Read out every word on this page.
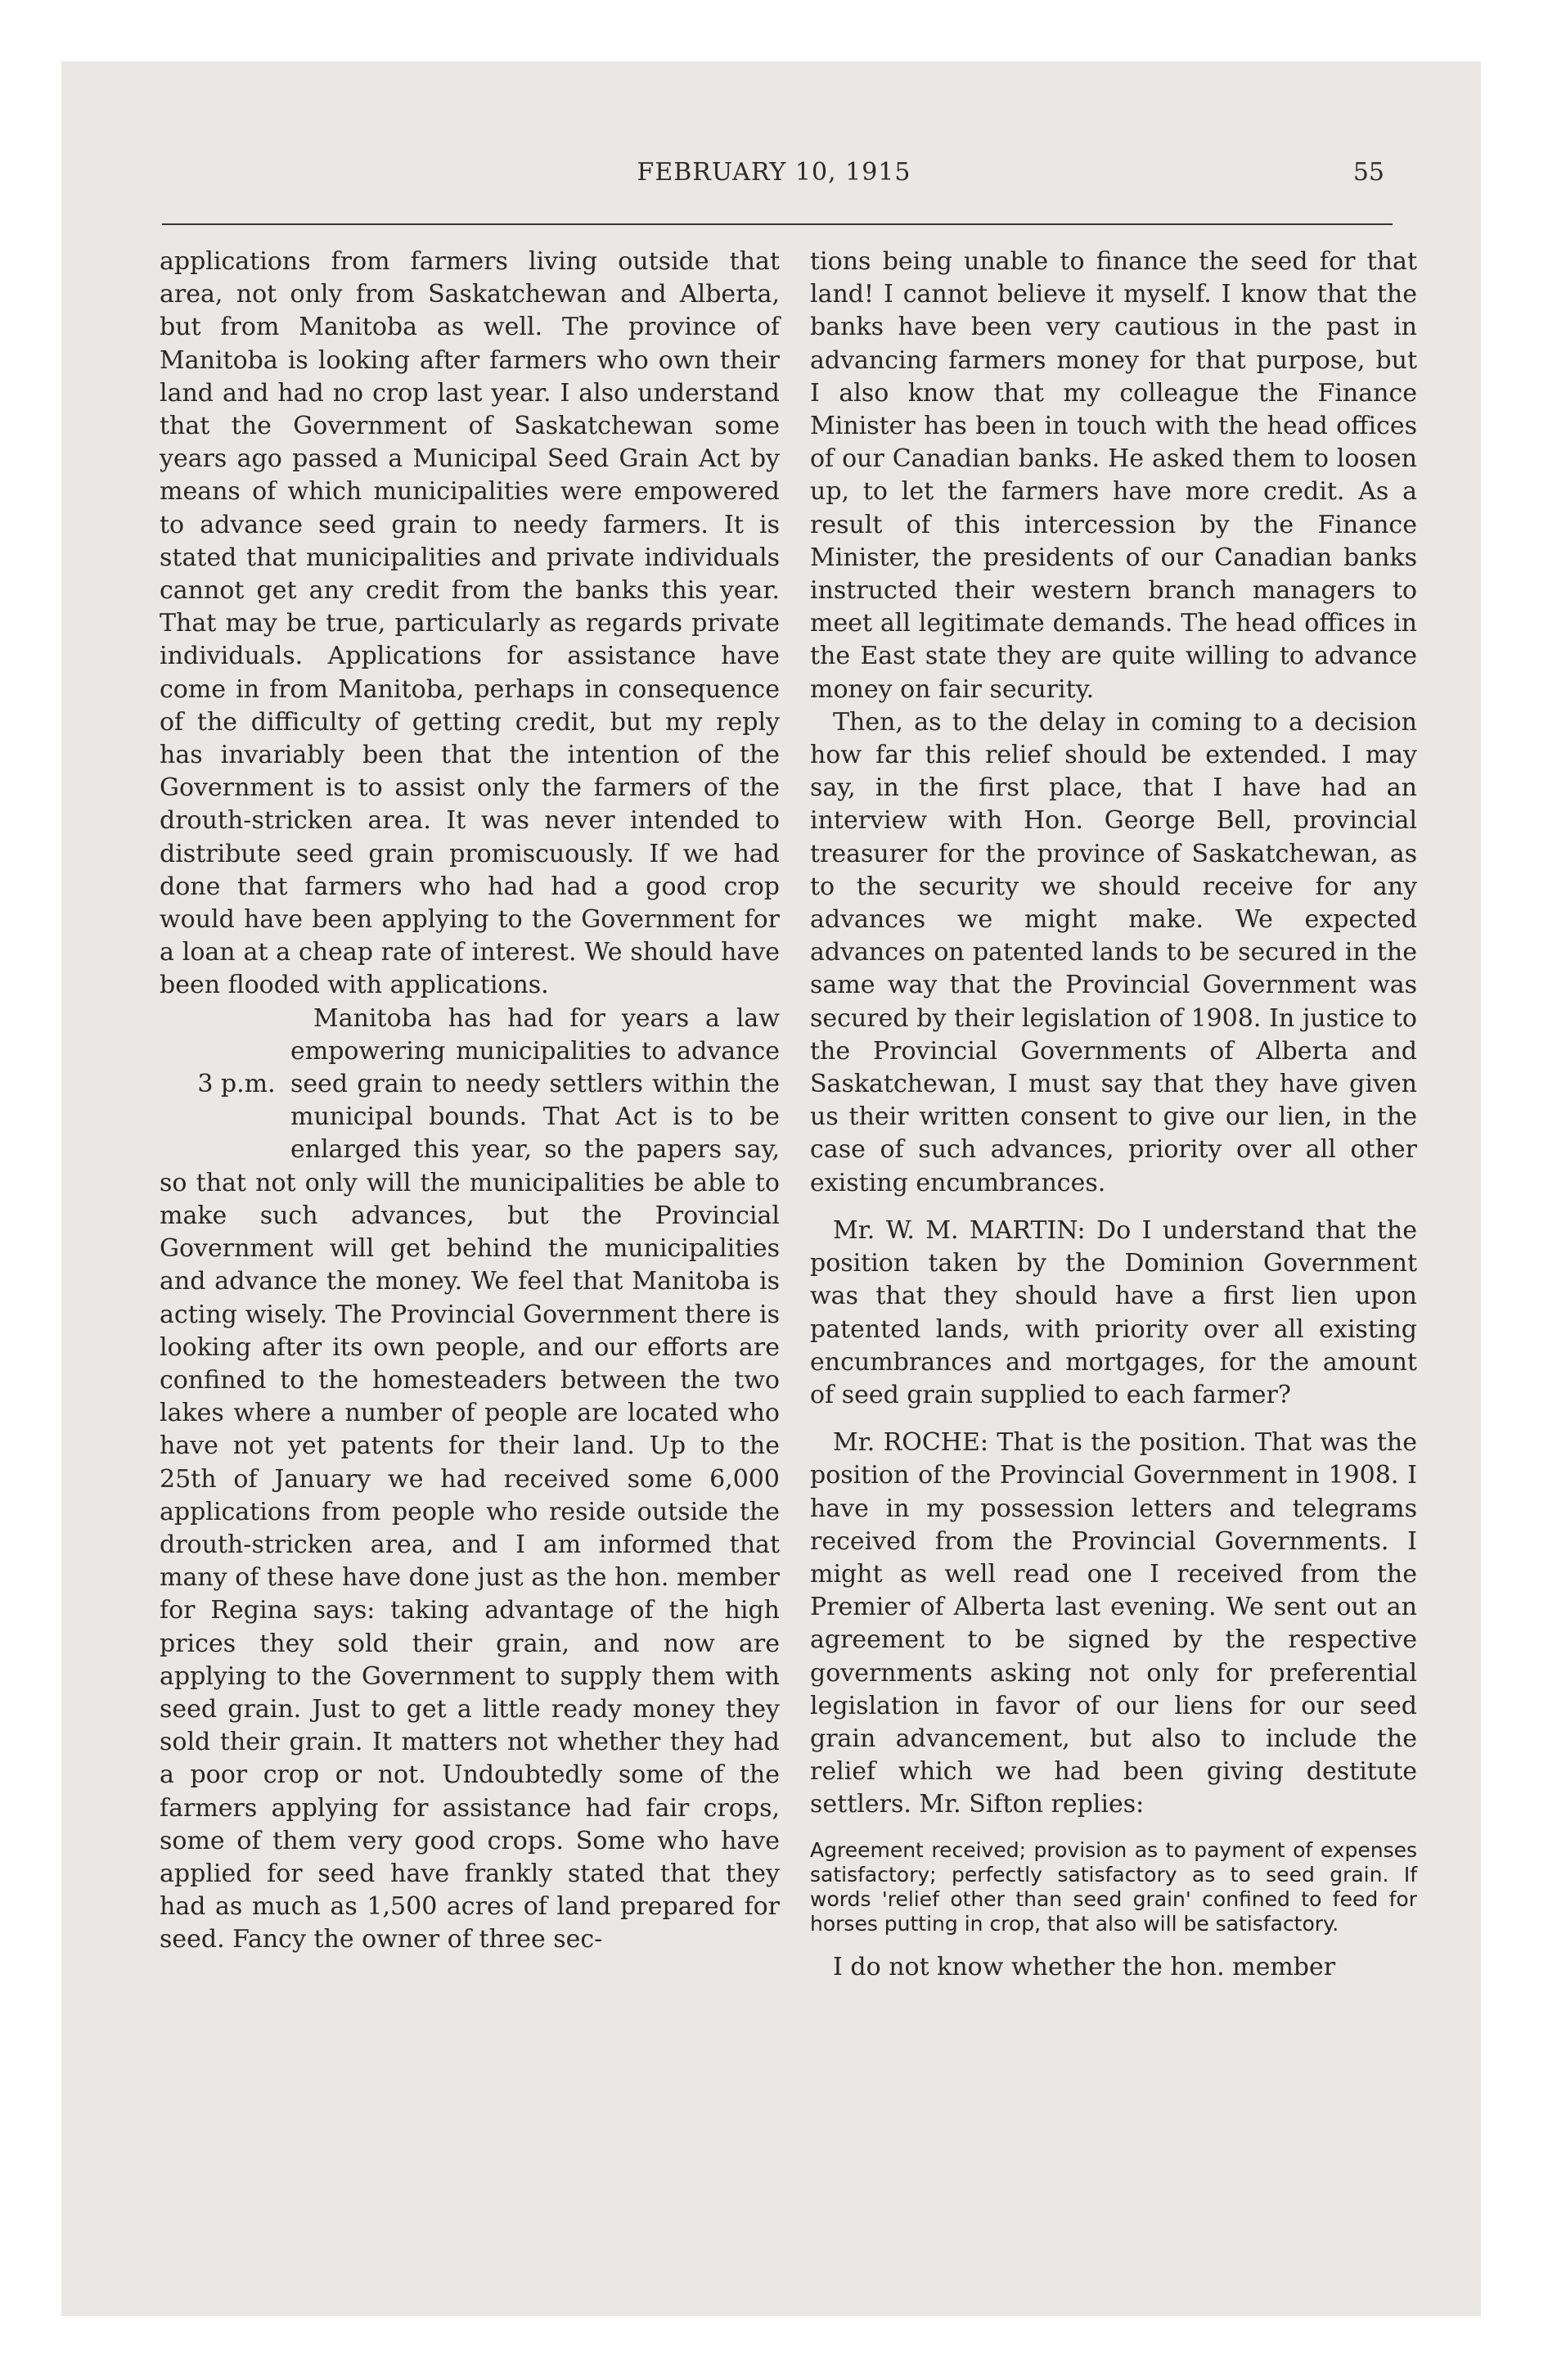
FEBRUARY 10, 1915	55

applications from farmers living outside that area, not only from Saskatchewan and Alberta, but from Manitoba as well. The province of Manitoba is looking after farmers who own their land and had no crop last year. I also understand that the Government of Saskatchewan some years ago passed a Municipal Seed Grain Act by means of which municipalities were empowered to advance seed grain to needy farmers. It is stated that municipalities and private individuals cannot get any credit from the banks this year. That may be true, particularly as regards private individuals. Applications for assistance have come in from Manitoba, perhaps in consequence of the difficulty of getting credit, but my reply has invariably been that the intention of the Government is to assist only the farmers of the drouth-stricken area. It was never intended to distribute seed grain promiscuously. If we had done that farmers who had had a good crop would have been applying to the Government for a loan at a cheap rate of interest. We should have been flooded with applications.

3 p.m.
Manitoba has had for years a law empowering municipalities to advance seed grain to needy settlers within the municipal bounds. That Act is to be enlarged this year, so the papers say, so that not only will the municipalities be able to make such advances, but the Provincial Government will get behind the municipalities and advance the money. We feel that Manitoba is acting wisely. The Provincial Government there is looking after its own people, and our efforts are confined to the homesteaders between the two lakes where a number of people are located who have not yet patents for their land. Up to the 25th of January we had received some 6,000 applications from people who reside outside the drouth-stricken area, and I am informed that many of these have done just as the hon. member for Regina says: taking advantage of the high prices they sold their grain, and now are applying to the Government to supply them with seed grain. Just to get a little ready money they sold their grain. It matters not whether they had a poor crop or not. Undoubtedly some of the farmers applying for assistance had fair crops, some of them very good crops. Some who have applied for seed have frankly stated that they had as much as 1,500 acres of land prepared for seed. Fancy the owner of three sec-

tions being unable to finance the seed for that land! I cannot believe it myself. I know that the banks have been very cautious in the past in advancing farmers money for that purpose, but I also know that my colleague the Finance Minister has been in touch with the head offices of our Canadian banks. He asked them to loosen up, to let the farmers have more credit. As a result of this intercession by the Finance Minister, the presidents of our Canadian banks instructed their western branch managers to meet all legitimate demands. The head offices in the East state they are quite willing to advance money on fair security.

Then, as to the delay in coming to a decision how far this relief should be extended. I may say, in the first place, that I have had an interview with Hon. George Bell, provincial treasurer for the province of Saskatchewan, as to the security we should receive for any advances we might make. We expected advances on patented lands to be secured in the same way that the Provincial Government was secured by their legislation of 1908. In justice to the Provincial Governments of Alberta and Saskatchewan, I must say that they have given us their written consent to give our lien, in the case of such advances, priority over all other existing encumbrances.

Mr. W. M. MARTIN: Do I understand that the position taken by the Dominion Government was that they should have a first lien upon patented lands, with priority over all existing encumbrances and mortgages, for the amount of seed grain supplied to each farmer?

Mr. ROCHE: That is the position. That was the position of the Provincial Government in 1908. I have in my possession letters and telegrams received from the Provincial Governments. I might as well read one I received from the Premier of Alberta last evening. We sent out an agreement to be signed by the respective governments asking not only for preferential legislation in favor of our liens for our seed grain advancement, but also to include the relief which we had been giving destitute settlers. Mr. Sifton replies:

Agreement received; provision as to payment of expenses satisfactory; perfectly satisfactory as to seed grain. If words 'relief other than seed grain' confined to feed for horses putting in crop, that also will be satisfactory.

I do not know whether the hon. member
